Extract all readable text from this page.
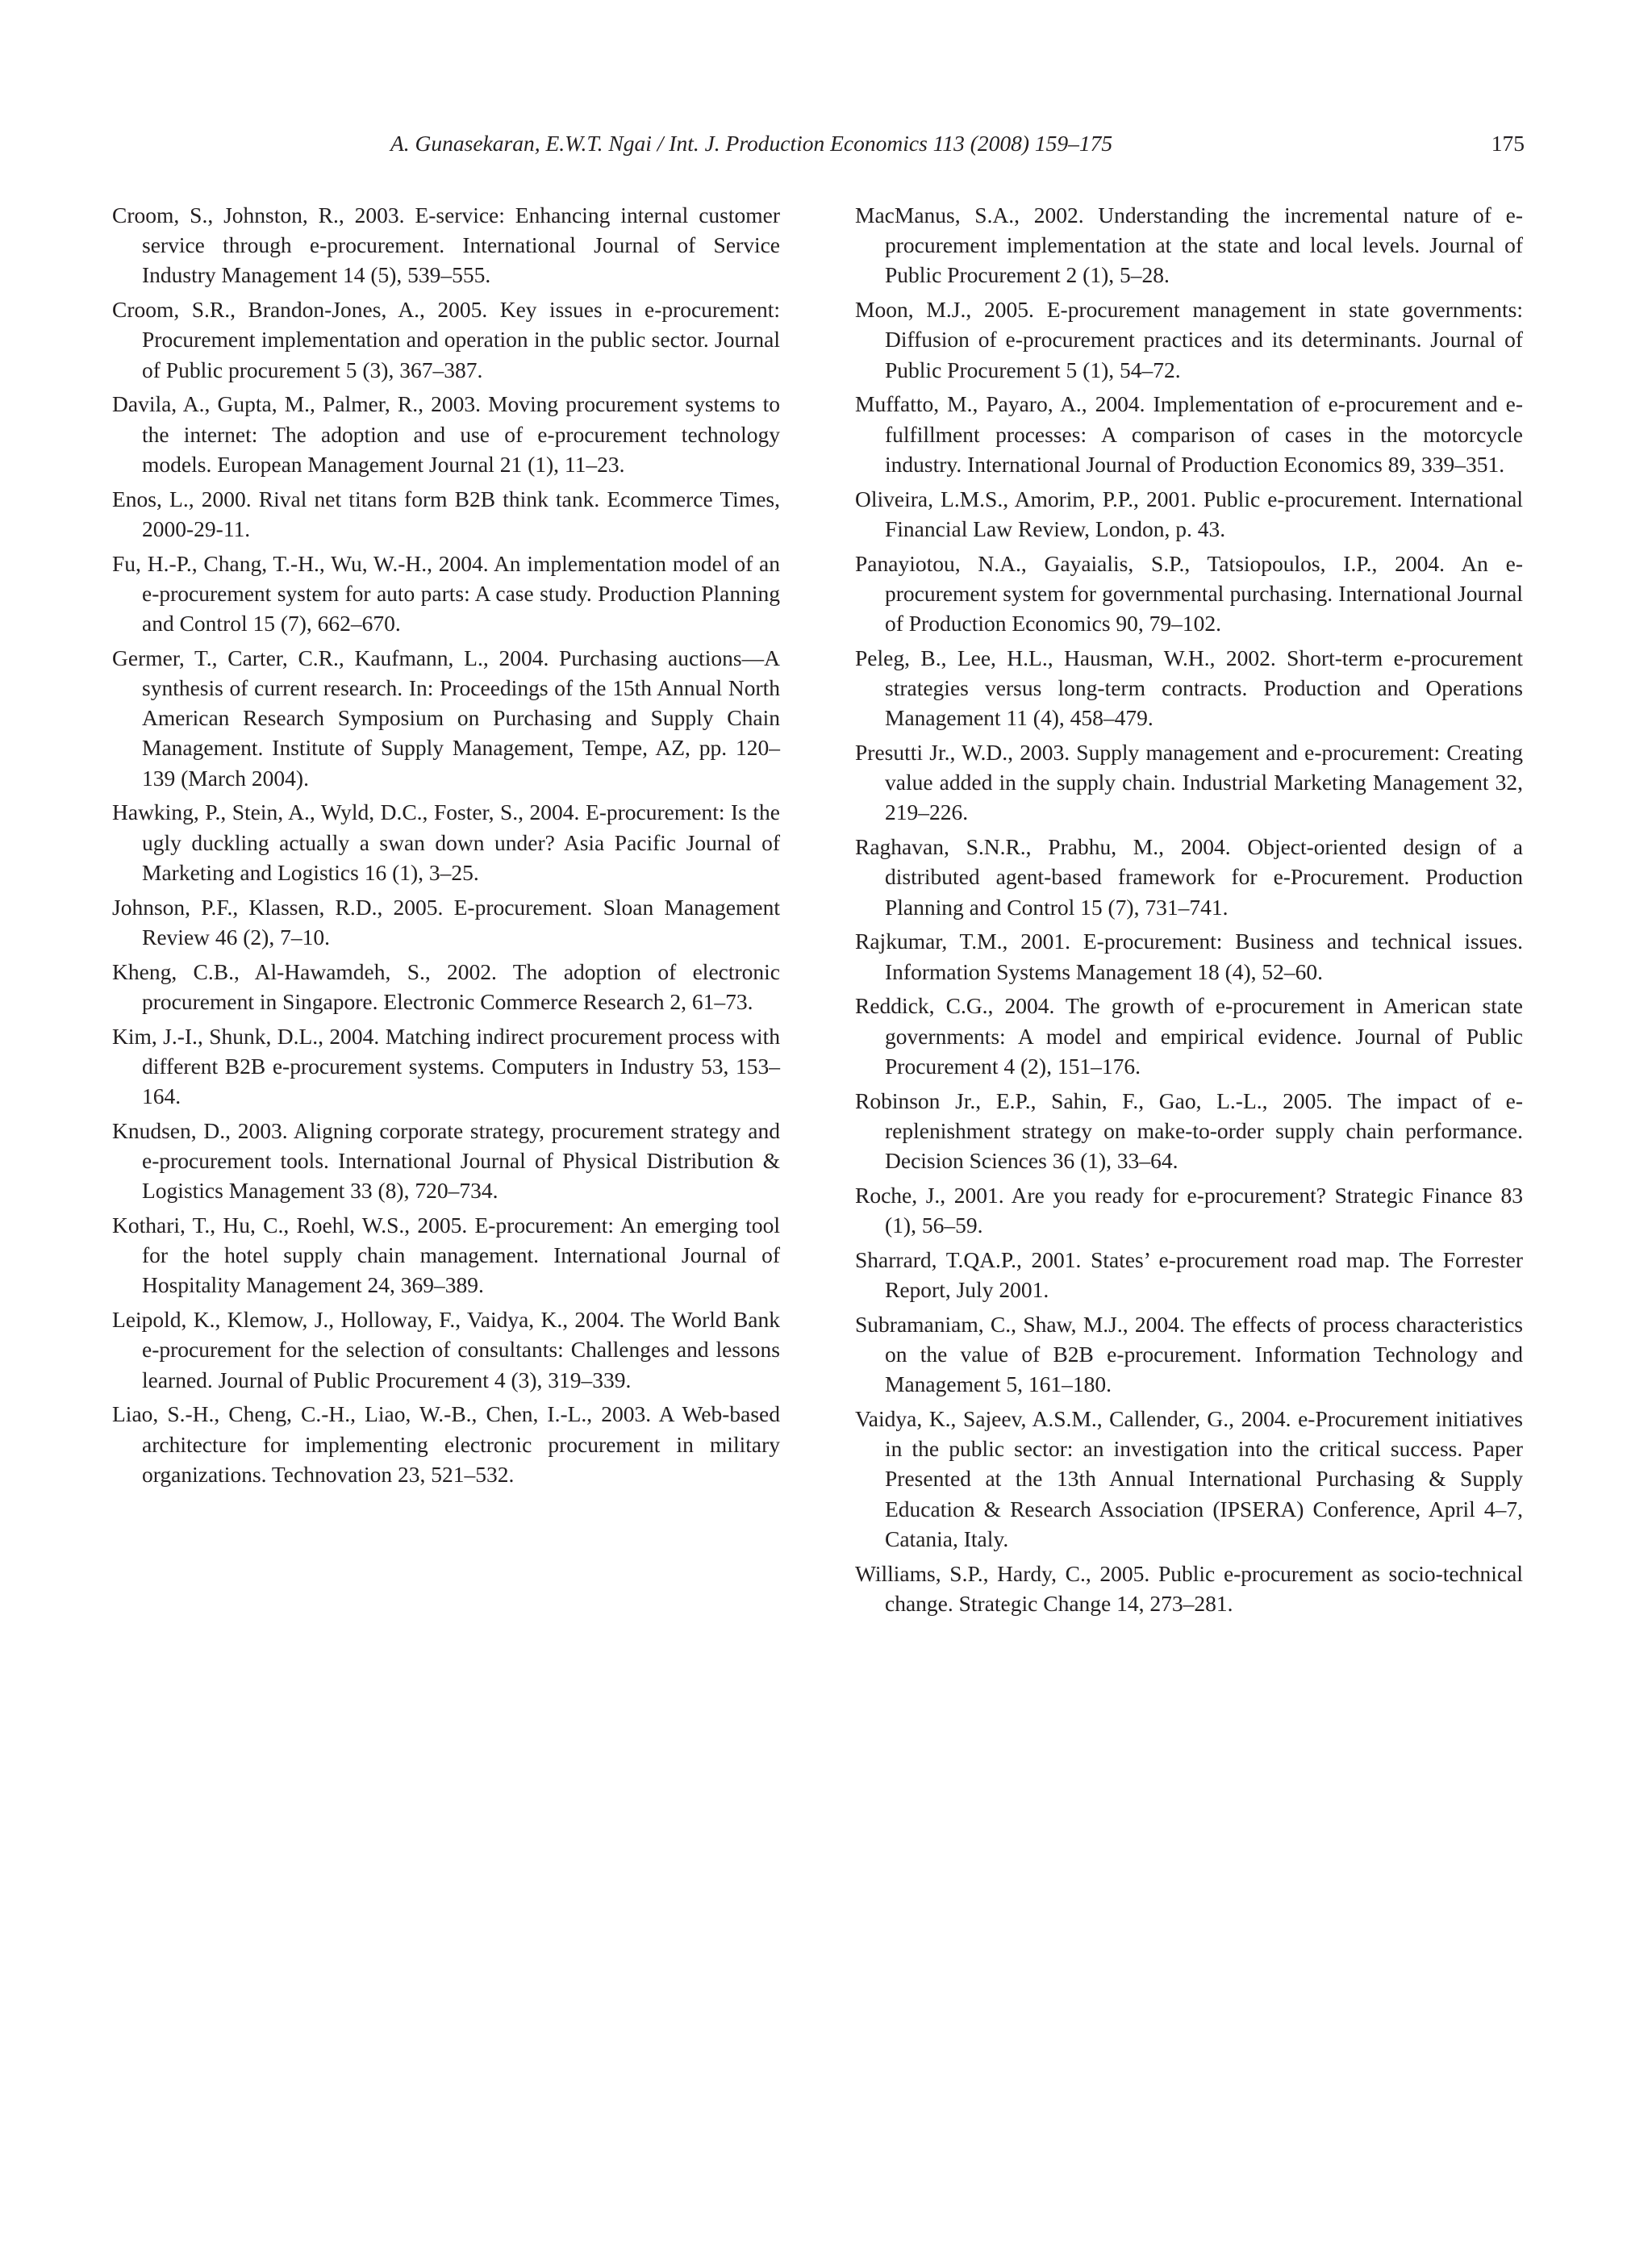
A. Gunasekaran, E.W.T. Ngai / Int. J. Production Economics 113 (2008) 159–175	175

Croom, S., Johnston, R., 2003. E-service: Enhancing internal customer service through e-procurement. International Journal of Service Industry Management 14 (5), 539–555.

Croom, S.R., Brandon-Jones, A., 2005. Key issues in e-procurement: Procurement implementation and operation in the public sector. Journal of Public procurement 5 (3), 367–387.

Davila, A., Gupta, M., Palmer, R., 2003. Moving procurement systems to the internet: The adoption and use of e-procurement technology models. European Management Journal 21 (1), 11–23.

Enos, L., 2000. Rival net titans form B2B think tank. Ecommerce Times, 2000-29-11.

Fu, H.-P., Chang, T.-H., Wu, W.-H., 2004. An implementation model of an e-procurement system for auto parts: A case study. Production Planning and Control 15 (7), 662–670.

Germer, T., Carter, C.R., Kaufmann, L., 2004. Purchasing auctions—A synthesis of current research. In: Proceedings of the 15th Annual North American Research Symposium on Purchasing and Supply Chain Management. Institute of Supply Management, Tempe, AZ, pp. 120–139 (March 2004).

Hawking, P., Stein, A., Wyld, D.C., Foster, S., 2004. E-procurement: Is the ugly duckling actually a swan down under? Asia Pacific Journal of Marketing and Logistics 16 (1), 3–25.

Johnson, P.F., Klassen, R.D., 2005. E-procurement. Sloan Management Review 46 (2), 7–10.

Kheng, C.B., Al-Hawamdeh, S., 2002. The adoption of electronic procurement in Singapore. Electronic Commerce Research 2, 61–73.

Kim, J.-I., Shunk, D.L., 2004. Matching indirect procurement process with different B2B e-procurement systems. Computers in Industry 53, 153–164.

Knudsen, D., 2003. Aligning corporate strategy, procurement strategy and e-procurement tools. International Journal of Physical Distribution & Logistics Management 33 (8), 720–734.

Kothari, T., Hu, C., Roehl, W.S., 2005. E-procurement: An emerging tool for the hotel supply chain management. International Journal of Hospitality Management 24, 369–389.

Leipold, K., Klemow, J., Holloway, F., Vaidya, K., 2004. The World Bank e-procurement for the selection of consultants: Challenges and lessons learned. Journal of Public Procurement 4 (3), 319–339.

Liao, S.-H., Cheng, C.-H., Liao, W.-B., Chen, I.-L., 2003. A Web-based architecture for implementing electronic procurement in military organizations. Technovation 23, 521–532.

MacManus, S.A., 2002. Understanding the incremental nature of e-procurement implementation at the state and local levels. Journal of Public Procurement 2 (1), 5–28.

Moon, M.J., 2005. E-procurement management in state governments: Diffusion of e-procurement practices and its determinants. Journal of Public Procurement 5 (1), 54–72.

Muffatto, M., Payaro, A., 2004. Implementation of e-procurement and e-fulfillment processes: A comparison of cases in the motorcycle industry. International Journal of Production Economics 89, 339–351.

Oliveira, L.M.S., Amorim, P.P., 2001. Public e-procurement. International Financial Law Review, London, p. 43.

Panayiotou, N.A., Gayaialis, S.P., Tatsiopoulos, I.P., 2004. An e-procurement system for governmental purchasing. International Journal of Production Economics 90, 79–102.

Peleg, B., Lee, H.L., Hausman, W.H., 2002. Short-term e-procurement strategies versus long-term contracts. Production and Operations Management 11 (4), 458–479.

Presutti Jr., W.D., 2003. Supply management and e-procurement: Creating value added in the supply chain. Industrial Marketing Management 32, 219–226.

Raghavan, S.N.R., Prabhu, M., 2004. Object-oriented design of a distributed agent-based framework for e-Procurement. Production Planning and Control 15 (7), 731–741.

Rajkumar, T.M., 2001. E-procurement: Business and technical issues. Information Systems Management 18 (4), 52–60.

Reddick, C.G., 2004. The growth of e-procurement in American state governments: A model and empirical evidence. Journal of Public Procurement 4 (2), 151–176.

Robinson Jr., E.P., Sahin, F., Gao, L.-L., 2005. The impact of e-replenishment strategy on make-to-order supply chain performance. Decision Sciences 36 (1), 33–64.

Roche, J., 2001. Are you ready for e-procurement? Strategic Finance 83 (1), 56–59.

Sharrard, T.QA.P., 2001. States’ e-procurement road map. The Forrester Report, July 2001.

Subramaniam, C., Shaw, M.J., 2004. The effects of process characteristics on the value of B2B e-procurement. Information Technology and Management 5, 161–180.

Vaidya, K., Sajeev, A.S.M., Callender, G., 2004. e-Procurement initiatives in the public sector: an investigation into the critical success. Paper Presented at the 13th Annual International Purchasing & Supply Education & Research Association (IPSERA) Conference, April 4–7, Catania, Italy.

Williams, S.P., Hardy, C., 2005. Public e-procurement as socio-technical change. Strategic Change 14, 273–281.
